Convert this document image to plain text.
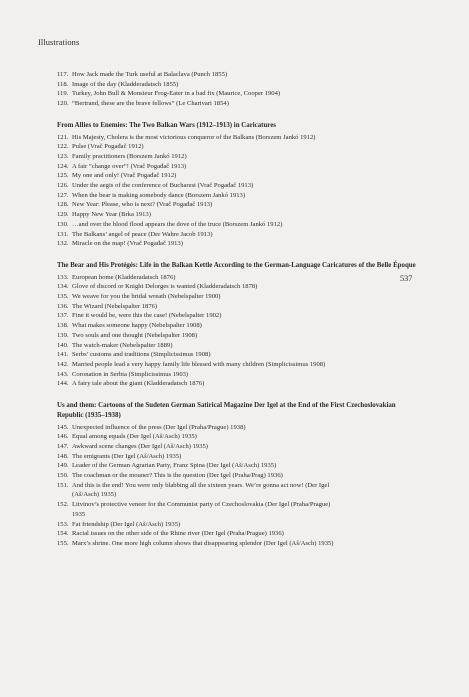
Illustrations
537
117. How Jack made the Turk useful at Balaclava (Punch 1855)
118. Image of the day (Kladderadatsch 1855)
119. Turkey, John Bull & Monsieur Frog-Eater in a bad fix (Maurice, Cooper 1904)
120. “Bertrand, these are the brave fellows” (Le Charivari 1854)
From Allies to Enemies: The Two Balkan Wars (1912–1913) in Caricatures
121. His Majesty, Cholera is the most victorious conqueror of the Balkans (Borszem Jankó 1912)
122. Pulse (Vrač Pogađač 1912)
123. Family practitioners (Borszem Jankó 1912)
124. A fair “change over”! (Vrač Pogađač 1913)
125. My one and only! (Vrač Pogađač 1912)
126. Under the aegis of the conference of Bucharest (Vrač Pogađač 1913)
127. When the bear is making somebody dance (Borszem Jankó 1913)
128. New Year: Please, who is next? (Vrač Pogađač 1913)
129. Happy New Year (Brka 1913)
130. …and over the blood flood appears the dove of the truce (Borszem Jankó 1912)
131. The Balkans’ angel of peace (Der Wahre Jacob 1913)
132. Miracle on the map! (Vrač Pogađač 1913)
The Bear and His Protégés: Life in the Balkan Kettle According to the German-Language Caricatures of the Belle Époque
133. European home (Kladderadatsch 1876)
134. Glove of discord or Knight Delorges is wanted (Kladderadatsch 1878)
135. We weave for you the bridal wreath (Nebelspalter 1900)
136. The Wizard (Nebelspalter 1876)
137. Fine it would be, were this the case! (Nebelspalter 1902)
138. What makes someone happy (Nebelspalter 1908)
139. Two souls and one thought (Nebelspalter 1908)
140. The watch-maker (Nebelspalter 1889)
141. Serbs’ customs and traditions (Simplicissimus 1908)
142. Married people lead a very happy family life blessed with many children (Simplicissimus 1908)
143. Coronation in Serbia (Simplicissimus 1903)
144. A fairy tale about the giant (Kladderadatsch 1876)
Us and them: Cartoons of the Sudeten German Satirical Magazine Der Igel at the End of the First Czechoslovakian Republic (1935–1938)
145. Unexpected influence of the press (Der Igel (Praha/Prague) 1938)
146. Equal among equals (Der Igel (Aš/Asch) 1935)
147. Awkward scene changes (Der Igel (Aš/Asch) 1935)
148. The emigrants (Der Igel (Aš/Asch) 1935)
149. Leader of the German Agrarian Party, Franz Spina (Der Igel (Aš/Asch) 1935)
150. The coachman or the mouner? This is the question (Der Igel (Praha/Prag) 1936)
151. And this is the end! You were only blabbing all the sixteen years. We’re gonna act now! (Der Igel
(Aš/Asch) 1935)
152. Litvinov’s protective veneer for the Communist party of Czechoslovakia (Der Igel (Praha/Prague)
1935
153. Fat friendship (Der Igel (Aš/Asch) 1935)
154. Racial issues on the other side of the Rhine river (Der Igel (Praha/Prague) 1936)
155. Marx’s shrine. One more high column shows that disappearing splendor (Der Igel (Aš/Asch) 1935)
